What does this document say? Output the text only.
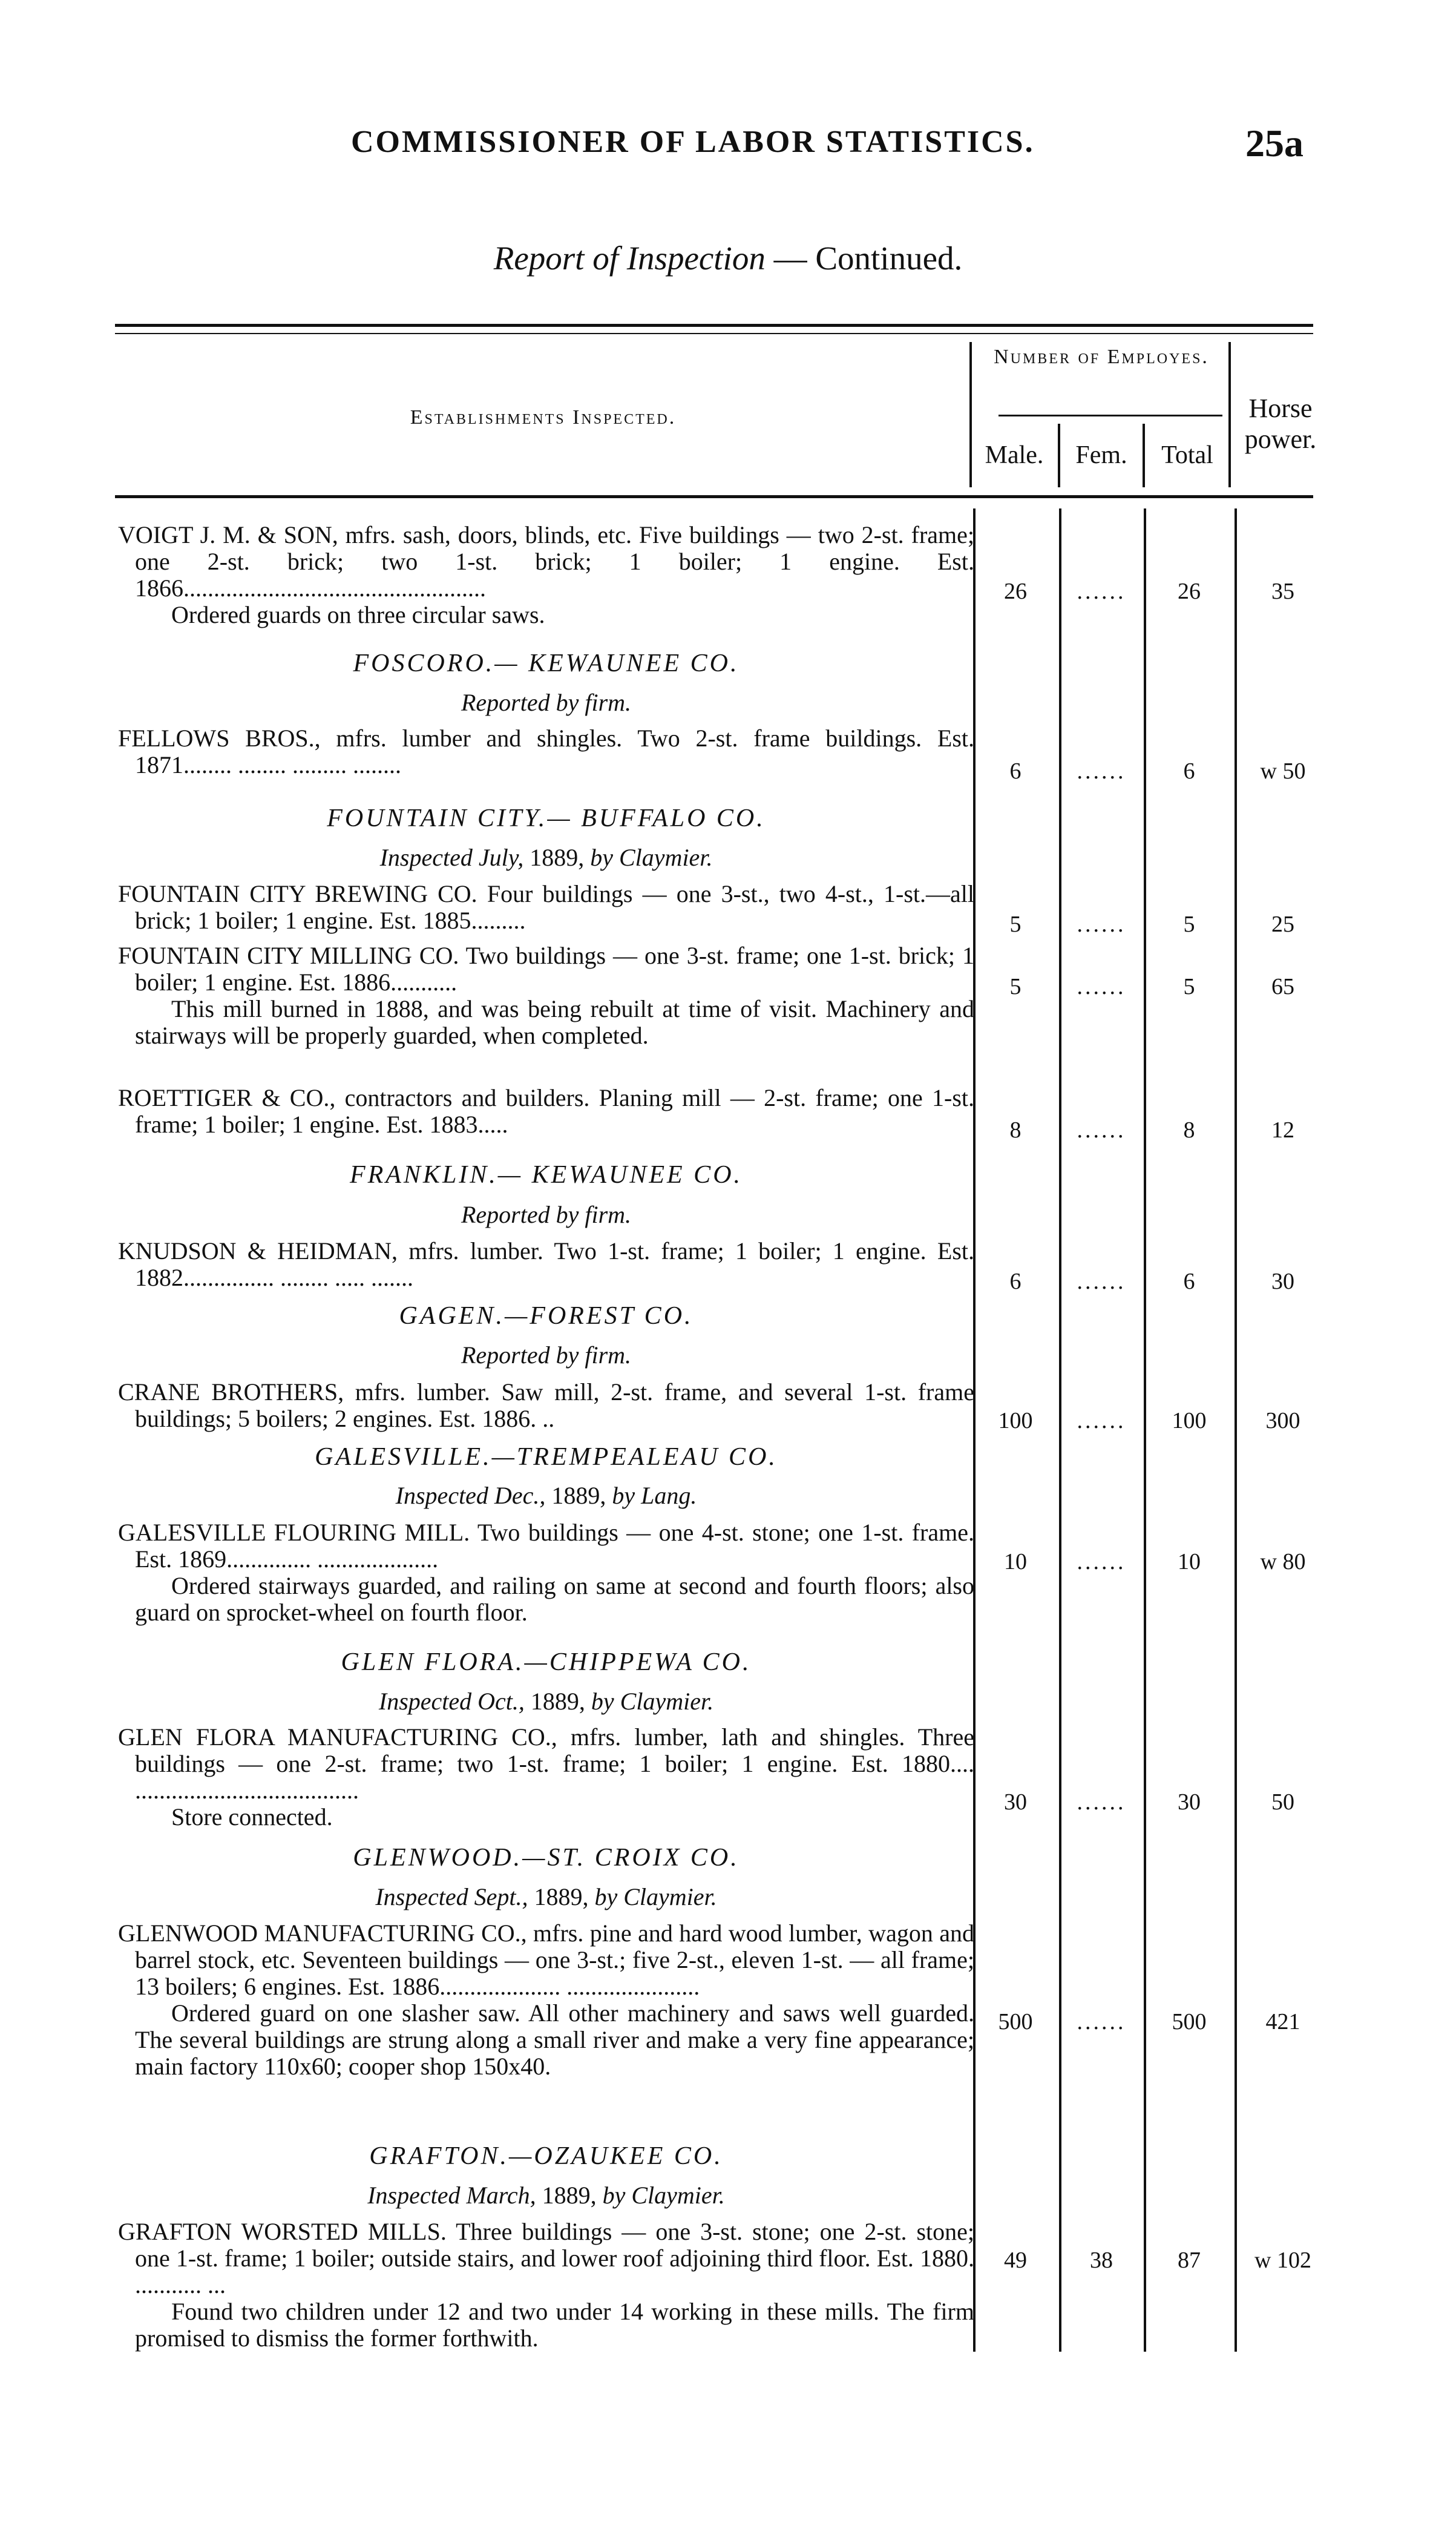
COMMISSIONER OF LABOR STATISTICS.	25a
Report of Inspection — Continued.
Establishments Inspected.
Number of Employes.
Male.	Fem.	Total
Horse power.

VOIGT J. M. & SON, mfrs. sash, doors, blinds, etc. Five buildings — two 2-st. frame; one 2-st. brick; two 1-st. brick; 1 boiler; 1 engine. Est. 1866..................................................

Ordered guards on three circular saws.

26	......	26	35
FOSCORO.— KEWAUNEE CO.
Reported by firm.

FELLOWS BROS., mfrs. lumber and shingles. Two 2-st. frame buildings. Est. 1871........ ........ ......... ........	6	......	6	w 50
FOUNTAIN CITY.— BUFFALO CO.
Inspected July, 1889, by Claymier.

FOUNTAIN CITY BREWING CO. Four buildings — one 3-st., two 4-st., 1-st.—all brick; 1 boiler; 1 engine. Est. 1885.........	5	......	5	25

FOUNTAIN CITY MILLING CO. Two buildings — one 3-st. frame; one 1-st. brick; 1 boiler; 1 engine. Est. 1886...........

This mill burned in 1888, and was being rebuilt at time of visit. Machinery and stairways will be properly guarded, when completed.

5	......	5	65

ROETTIGER & CO., contractors and builders. Planing mill — 2-st. frame; one 1-st. frame; 1 boiler; 1 engine. Est. 1883.....	8	......	8	12
FRANKLIN.— KEWAUNEE CO.
Reported by firm.

KNUDSON & HEIDMAN, mfrs. lumber. Two 1-st. frame; 1 boiler; 1 engine. Est. 1882............... ........ ..... .......	6	......	6	30
GAGEN.—FOREST CO.
Reported by firm.

CRANE BROTHERS, mfrs. lumber. Saw mill, 2-st. frame, and several 1-st. frame buildings; 5 boilers; 2 engines. Est. 1886. ..	100	......	100	300
GALESVILLE.—TREMPEALEAU CO.
Inspected Dec., 1889, by Lang.

GALESVILLE FLOURING MILL. Two buildings — one 4-st. stone; one 1-st. frame. Est. 1869.............. ....................

Ordered stairways guarded, and railing on same at second and fourth floors; also guard on sprocket-wheel on fourth floor.

10	......	10	w 80
GLEN FLORA.—CHIPPEWA CO.
Inspected Oct., 1889, by Claymier.

GLEN FLORA MANUFACTURING CO., mfrs. lumber, lath and shingles. Three buildings — one 2-st. frame; two 1-st. frame; 1 boiler; 1 engine. Est. 1880.... .....................................

Store connected.

30	......	30	50
GLENWOOD.—ST. CROIX CO.
Inspected Sept., 1889, by Claymier.

GLENWOOD MANUFACTURING CO., mfrs. pine and hard wood lumber, wagon and barrel stock, etc. Seventeen buildings — one 3-st.; five 2-st., eleven 1-st. — all frame; 13 boilers; 6 engines. Est. 1886.................... ......................

Ordered guard on one slasher saw. All other machinery and saws well guarded. The several buildings are strung along a small river and make a very fine appearance; main factory 110x60; cooper shop 150x40.

500	......	500	421
GRAFTON.—OZAUKEE CO.
Inspected March, 1889, by Claymier.

GRAFTON WORSTED MILLS. Three buildings — one 3-st. stone; one 2-st. stone; one 1-st. frame; 1 boiler; outside stairs, and lower roof adjoining third floor. Est. 1880. ........... ...

Found two children under 12 and two under 14 working in these mills. The firm promised to dismiss the former forthwith.

49	38	87	w 102
